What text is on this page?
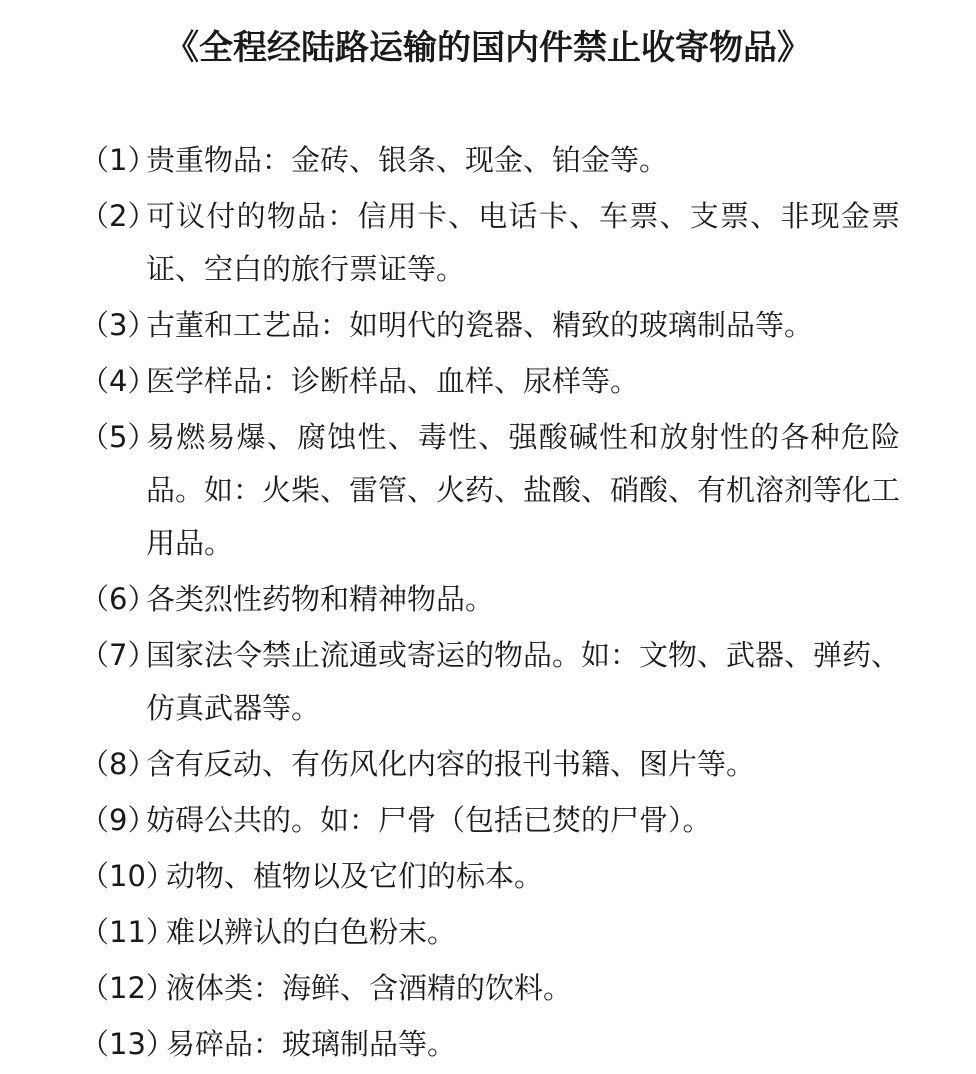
《全程经陆路运输的国内件禁止收寄物品》
（1）
贵重物品：金砖、银条、现金、铂金等。
（2）
可议付的物品：信用卡、电话卡、车票、支票、非现金票证、空白的旅行票证等。
（3）
古董和工艺品：如明代的瓷器、精致的玻璃制品等。
（4）
医学样品：诊断样品、血样、尿样等。
（5）
易燃易爆、腐蚀性、毒性、强酸碱性和放射性的各种危险品。如：火柴、雷管、火药、盐酸、硝酸、有机溶剂等化工用品。
（6）
各类烈性药物和精神物品。
（7）
国家法令禁止流通或寄运的物品。如：文物、武器、弹药、仿真武器等。
（8）
含有反动、有伤风化内容的报刊书籍、图片等。
（9）
妨碍公共的。如：尸骨（包括已焚的尸骨）。
（10）
动物、植物以及它们的标本。
（11）
难以辨认的白色粉末。
（12）
液体类：海鲜、含酒精的饮料。
（13）
易碎品：玻璃制品等。
